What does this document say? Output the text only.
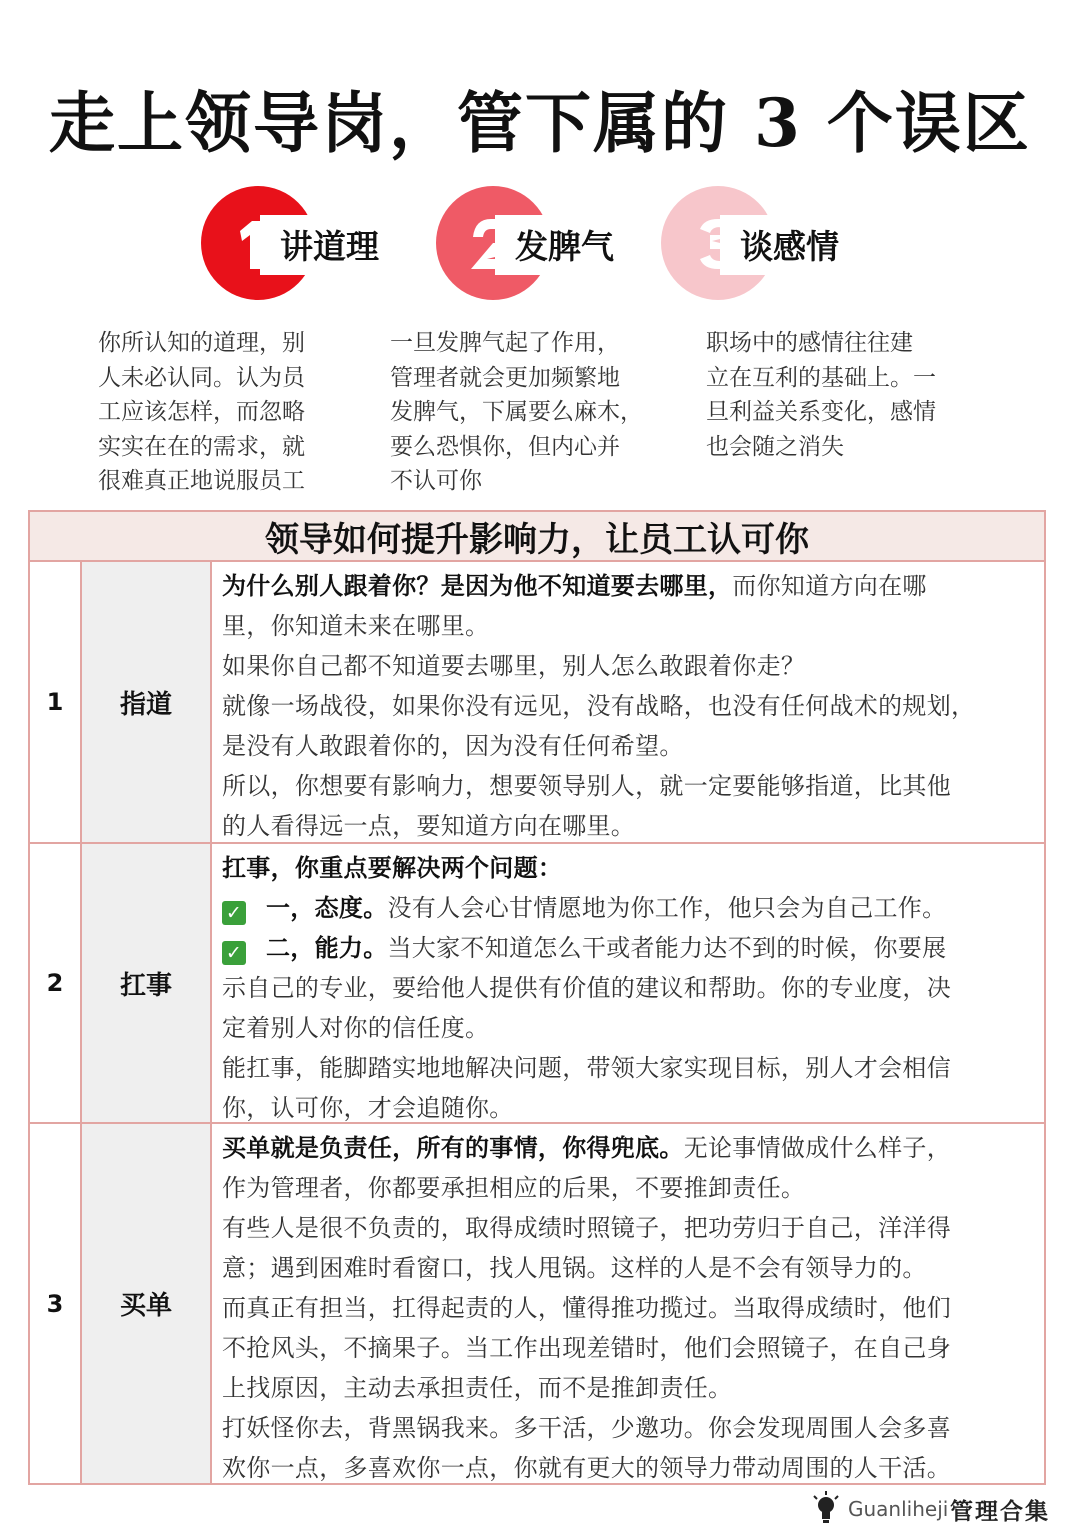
走上领导岗，管下属的 3 个误区
讲道理	发脾气	谈感情
你所认知的道理，别
人未必认同。认为员
工应该怎样，而忽略
实实在在的需求，就
很难真正地说服员工
一旦发脾气起了作用，
管理者就会更加频繁地
发脾气，下属要么麻木，
要么恐惧你，但内心并
不认可你
职场中的感情往往建
立在互利的基础上。一
旦利益关系变化，感情
也会随之消失
领导如何提升影响力，让员工认可你
1	指道
为什么别人跟着你？是因为他不知道要去哪里，而你知道方向在哪
里，你知道未来在哪里。
如果你自己都不知道要去哪里，别人怎么敢跟着你走？
就像一场战役，如果你没有远见，没有战略，也没有任何战术的规划，
是没有人敢跟着你的，因为没有任何希望。
所以，你想要有影响力，想要领导别人，就一定要能够指道，比其他
的人看得远一点，要知道方向在哪里。
2	扛事
扛事，你重点要解决两个问题：
✓ 一，态度。没有人会心甘情愿地为你工作，他只会为自己工作。
✓ 二，能力。当大家不知道怎么干或者能力达不到的时候，你要展
示自己的专业，要给他人提供有价值的建议和帮助。你的专业度，决
定着别人对你的信任度。
能扛事，能脚踏实地地解决问题，带领大家实现目标，别人才会相信
你，认可你，才会追随你。
3	买单
买单就是负责任，所有的事情，你得兜底。无论事情做成什么样子，
作为管理者，你都要承担相应的后果，不要推卸责任。
有些人是很不负责的，取得成绩时照镜子，把功劳归于自己，洋洋得
意；遇到困难时看窗口，找人甩锅。这样的人是不会有领导力的。
而真正有担当，扛得起责的人，懂得推功揽过。当取得成绩时，他们
不抢风头，不摘果子。当工作出现差错时，他们会照镜子，在自己身
上找原因，主动去承担责任，而不是推卸责任。
打妖怪你去，背黑锅我来。多干活，少邀功。你会发现周围人会多喜
欢你一点，多喜欢你一点，你就有更大的领导力带动周围的人干活。
Guanliheji 管理合集
